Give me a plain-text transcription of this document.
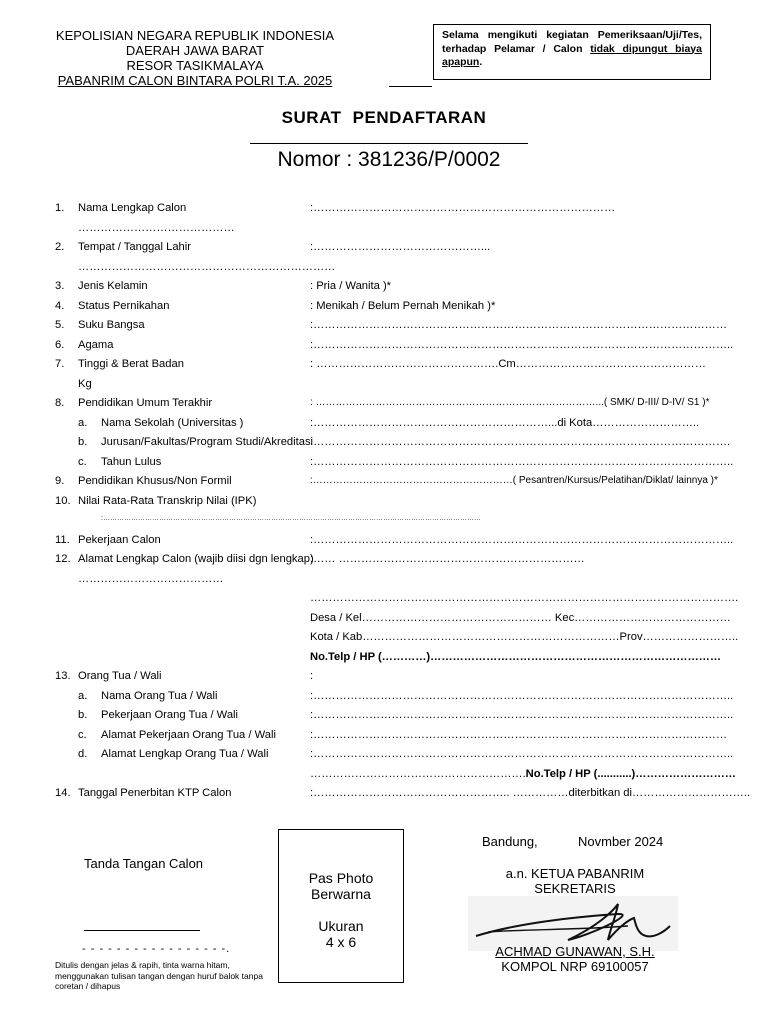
KEPOLISIAN NEGARA REPUBLIK INDONESIA
DAERAH JAWA BARAT
RESOR TASIKMALAYA
PABANRIM CALON BINTARA POLRI T.A. 2025
Selama mengikuti kegiatan Pemeriksaan/Uji/Tes, terhadap Pelamar / Calon tidak dipungut biaya apapun.
SURAT PENDAFTARAN
Nomor : 381236/P/0002
1. Nama Lengkap Calon	:………………………………………………………………………
……………………………………
2. Tempat / Tanggal Lahir	:………………………………………...
……………………………………………………………
3. Jenis Kelamin	: Pria / Wanita )*
4. Status Pernikahan	: Menikah / Belum Pernah Menikah )*
5. Suku Bangsa	:…………………………………………………………………………………………………
6. Agama	:…………………………………………………………………………………………………..
7. Tinggi & Berat Badan	: ………………………………………….Cm……………………………………………
Kg
8. Pendidikan Umum Terakhir	: …………………………………………………………………………...( SMK/ D-III/ D-IV/ S1 )*
a. Nama Sekolah (Universitas )	:………………………………………………………...di Kota………………………..
b. Jurusan/Fakultas/Program Studi/Akreditasi
:………………………………………………………………………………………………….
c. Tahun Lulus	:…………………………………………………………………………………………………..
9. Pendidikan Khusus/Non Formil	:……………………………………………………( Pesantren/Kursus/Pelatihan/Diklat/ lainnya )*
10. Nilai Rata-Rata Transkrip Nilai (IPK)
:………………………………………………………………………………………………………………………………………………
11. Pekerjaan Calon	:…………………………………………………………………………………………………..
12. Alamat Lengkap Calon (wajib diisi dgn lengkap)
:…… …………………………………………………………
…………………………………
…………………………………………………………………………………………………….
Desa / Kel…………………………………………… Kec……………………………………
Kota / Kab……………………………………………………………Prov……………………..
No.Telp / HP (…………)……………………………………………………………………
13. Orang Tua / Wali	:
a. Nama Orang Tua / Wali	:…………………………………………………………………………………………………..
b. Pekerjaan Orang Tua / Wali	:…………………………………………………………………………………………………..
c. Alamat Pekerjaan Orang Tua / Wali	:…………………………………………………………………………………………………
d. Alamat Lengkap Orang Tua / Wali	:…………………………………………………………………………………………………..
………………………………………………….No.Telp / HP (...........)………………………
14. Tanggal Penerbitan KTP Calon	:…………………………………………….. ……………diterbitkan di…………………………..
Tanda Tangan Calon
- - - - - - - - - - - - - - - - -.
Ditulis dengan jelas & rapih, tinta warna hitam, menggunakan tulisan tangan dengan huruf balok tanpa coretan / dihapus
Pas Photo
Berwarna
Ukuran
4 x 6
Bandung,	Novmber 2024
a.n. KETUA PABANRIM
SEKRETARIS
ACHMAD GUNAWAN, S.H.
KOMPOL NRP 69100057
